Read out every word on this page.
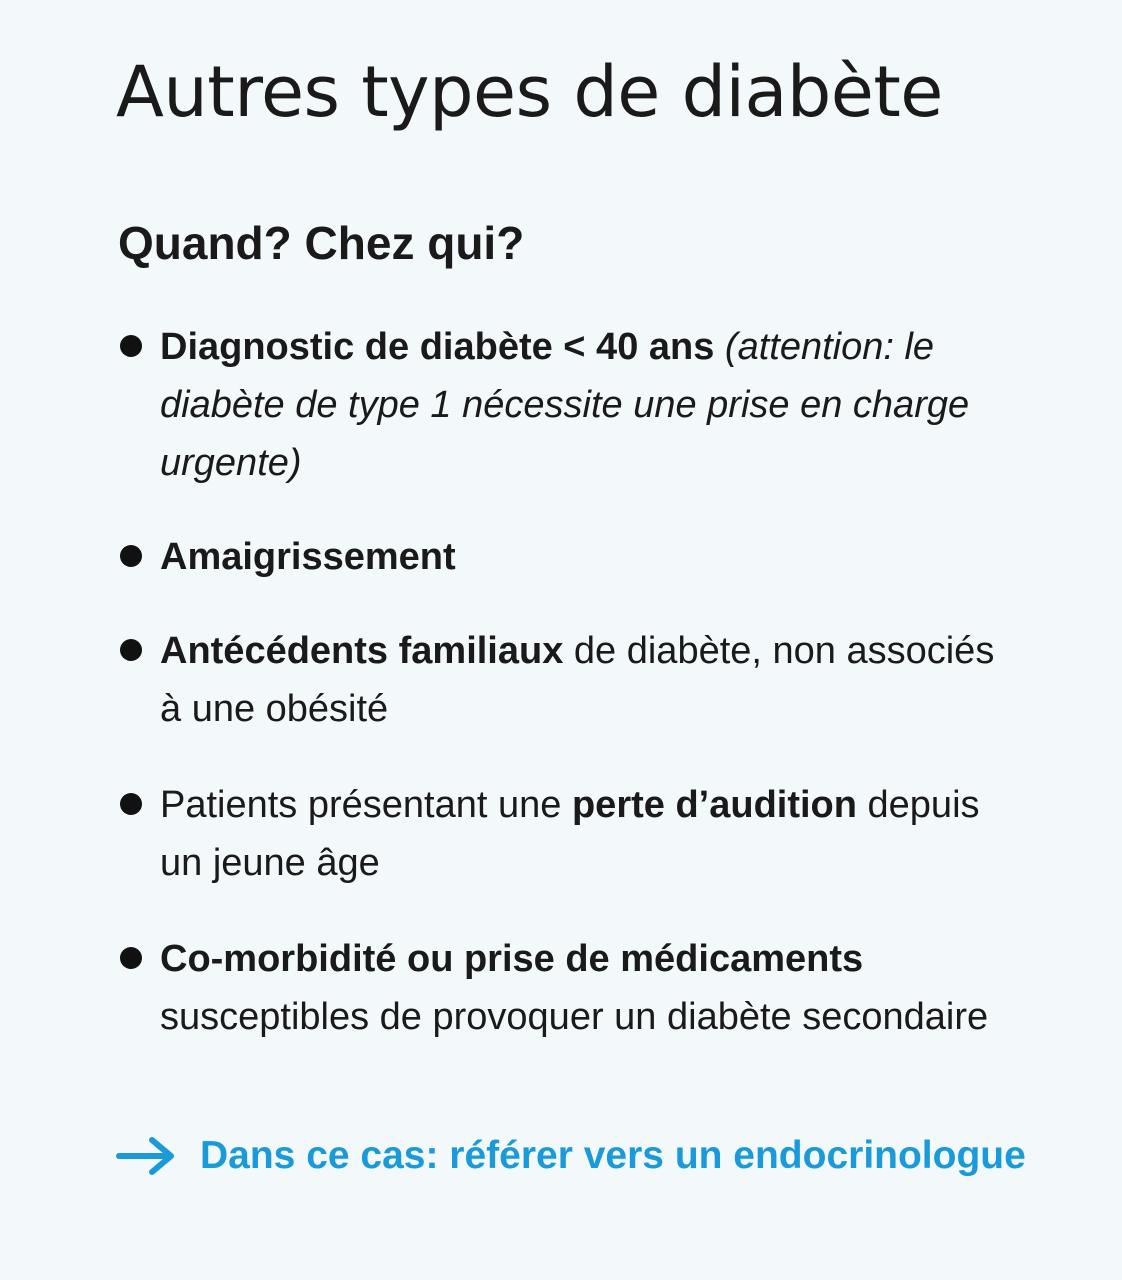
Autres types de diabète
Quand? Chez qui?
Diagnostic de diabète < 40 ans (attention: le diabète de type 1 nécessite une prise en charge urgente)
Amaigrissement
Antécédents familiaux de diabète, non associés à une obésité
Patients présentant une perte d’audition depuis un jeune âge
Co-morbidité ou prise de médicaments susceptibles de provoquer un diabète secondaire
Dans ce cas: référer vers un endocrinologue
